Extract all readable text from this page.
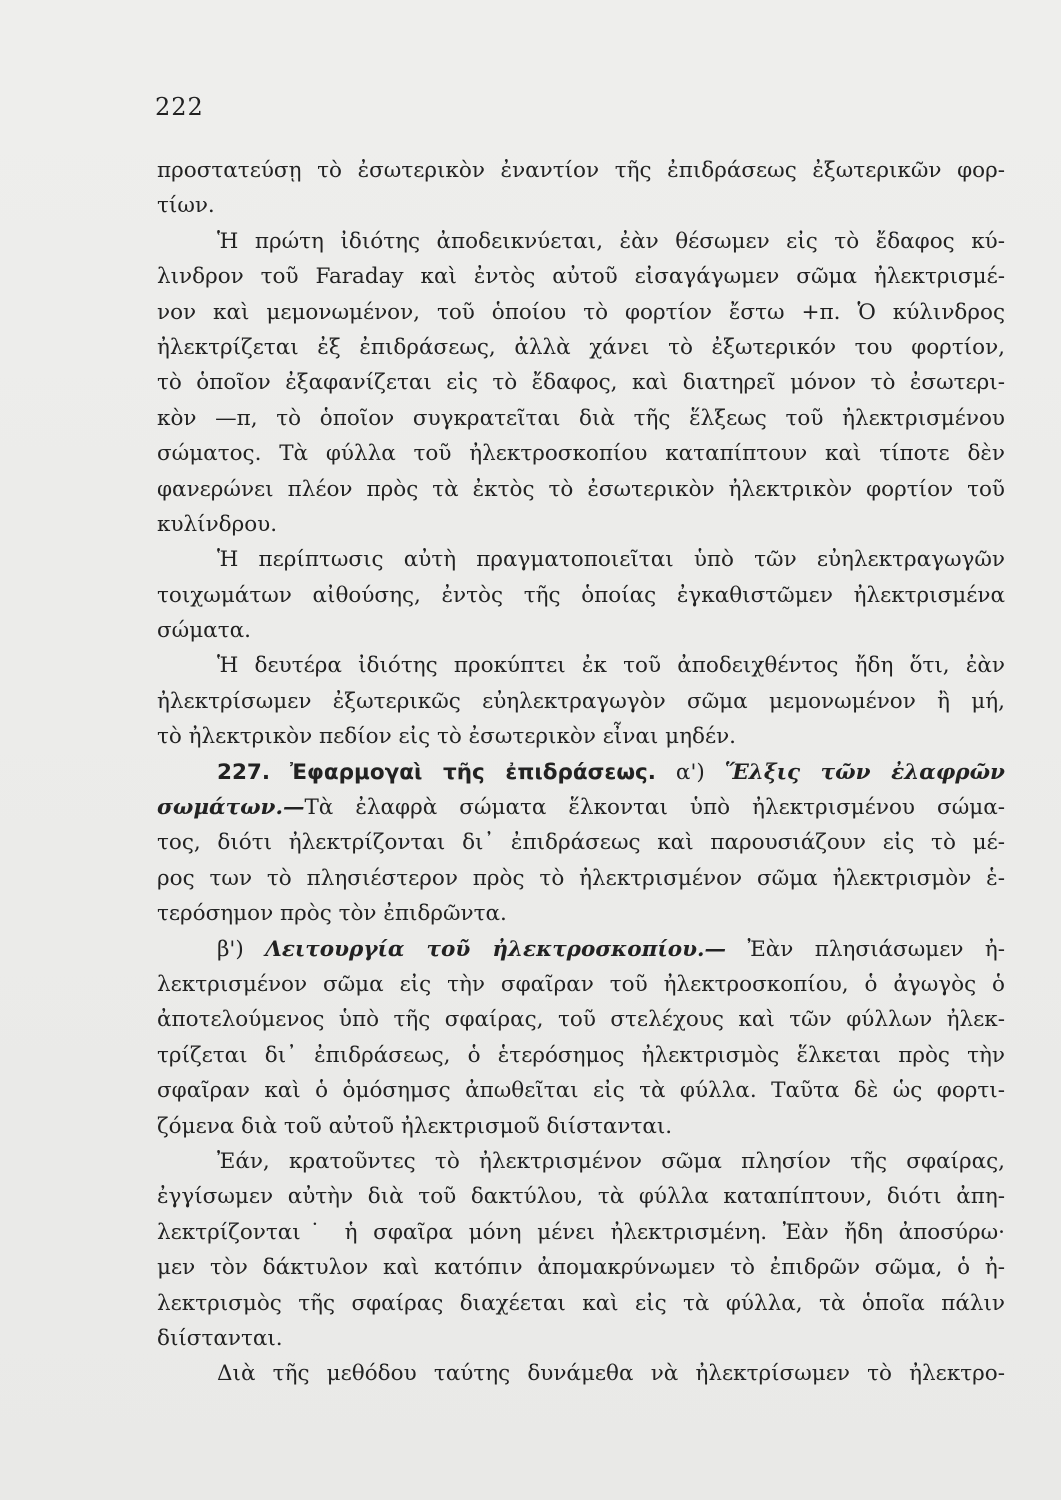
222
προστατεύσῃ τὸ ἐσωτερικὸν ἐναντίον τῆς ἐπιδράσεως ἐξωτερικῶν φορ-
τίων.
Ἡ πρώτη ἰδιότης ἀποδεικνύεται, ἐὰν θέσωμεν εἰς τὸ ἔδαφος κύ-
λινδρον τοῦ Faraday καὶ ἐντὸς αὐτοῦ εἰσαγάγωμεν σῶμα ἠλεκτρισμέ-
νον καὶ μεμονωμένον, τοῦ ὁποίου τὸ φορτίον ἔστω +π. Ὁ κύλινδρος
ἠλεκτρίζεται ἐξ ἐπιδράσεως, ἀλλὰ χάνει τὸ ἐξωτερικόν του φορτίον,
τὸ ὁποῖον ἐξαφανίζεται εἰς τὸ ἔδαφος, καὶ διατηρεῖ μόνον τὸ ἐσωτερι-
κὸν —π, τὸ ὁποῖον συγκρατεῖται διὰ τῆς ἕλξεως τοῦ ἠλεκτρισμένου
σώματος. Τὰ φύλλα τοῦ ἠλεκτροσκοπίου καταπίπτουν καὶ τίποτε δὲν
φανερώνει πλέον πρὸς τὰ ἐκτὸς τὸ ἐσωτερικὸν ἠλεκτρικὸν φορτίον τοῦ
κυλίνδρου.
Ἡ περίπτωσις αὐτὴ πραγματοποιεῖται ὑπὸ τῶν εὐηλεκτραγωγῶν
τοιχωμάτων αἰθούσης, ἐντὸς τῆς ὁποίας ἐγκαθιστῶμεν ἠλεκτρισμένα
σώματα.
Ἡ δευτέρα ἰδιότης προκύπτει ἐκ τοῦ ἀποδειχθέντος ἤδη ὅτι, ἐὰν
ἠλεκτρίσωμεν ἐξωτερικῶς εὐηλεκτραγωγὸν σῶμα μεμονωμένον ἢ μή,
τὸ ἠλεκτρικὸν πεδίον εἰς τὸ ἐσωτερικὸν εἶναι μηδέν.
227. Ἐφαρμογαὶ τῆς ἐπιδράσεως. α') Ἕλξις τῶν ἐλαφρῶν
σωμάτων.—Τὰ ἐλαφρὰ σώματα ἕλκονται ὑπὸ ἠλεκτρισμένου σώμα-
τος, διότι ἠλεκτρίζονται δι᾽ ἐπιδράσεως καὶ παρουσιάζουν εἰς τὸ μέ-
ρος των τὸ πλησιέστερον πρὸς τὸ ἠλεκτρισμένον σῶμα ἠλεκτρισμὸν ἑ-
τερόσημον πρὸς τὸν ἐπιδρῶντα.
β') Λειτουργία τοῦ ἠλεκτροσκοπίου.— Ἐὰν πλησιάσωμεν ἠ-
λεκτρισμένον σῶμα εἰς τὴν σφαῖραν τοῦ ἠλεκτροσκοπίου, ὁ ἀγωγὸς ὁ
ἀποτελούμενος ὑπὸ τῆς σφαίρας, τοῦ στελέχους καὶ τῶν φύλλων ἠλεκ-
τρίζεται δι᾽ ἐπιδράσεως, ὁ ἑτερόσημος ἠλεκτρισμὸς ἕλκεται πρὸς τὴν
σφαῖραν καὶ ὁ ὁμόσημσς ἀπωθεῖται εἰς τὰ φύλλα. Ταῦτα δὲ ὡς φορτι-
ζόμενα διὰ τοῦ αὐτοῦ ἠλεκτρισμοῦ διίστανται.
Ἐάν, κρατοῦντες τὸ ἠλεκτρισμένον σῶμα πλησίον τῆς σφαίρας,
ἐγγίσωμεν αὐτὴν διὰ τοῦ δακτύλου, τὰ φύλλα καταπίπτουν, διότι ἀπη-
λεκτρίζονται˙ ἡ σφαῖρα μόνη μένει ἠλεκτρισμένη. Ἐὰν ἤδη ἀποσύρω·
μεν τὸν δάκτυλον καὶ κατόπιν ἀπομακρύνωμεν τὸ ἐπιδρῶν σῶμα, ὁ ἠ-
λεκτρισμὸς τῆς σφαίρας διαχέεται καὶ εἰς τὰ φύλλα, τὰ ὁποῖα πάλιν
διίστανται.
Διὰ τῆς μεθόδου ταύτης δυνάμεθα νὰ ἠλεκτρίσωμεν τὸ ἠλεκτρο-
